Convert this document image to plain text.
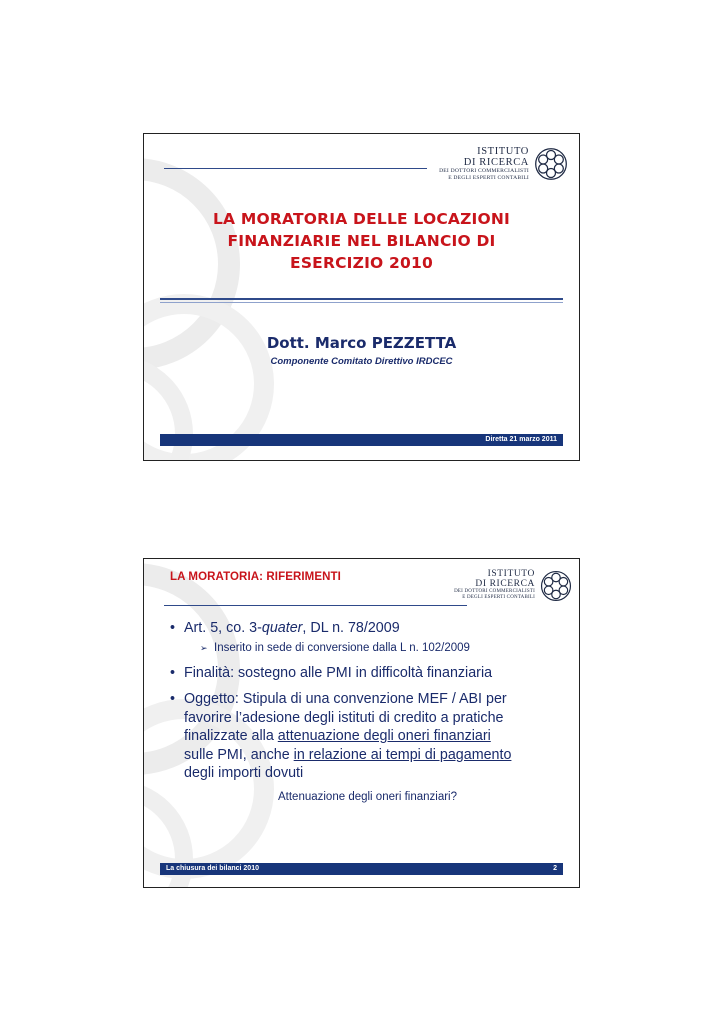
ISTITUTO
DI RICERCA
DEI DOTTORI COMMERCIALISTI
E DEGLI ESPERTI CONTABILI
LA MORATORIA DELLE LOCAZIONI
FINANZIARIE NEL BILANCIO DI
ESERCIZIO 2010
Dott. Marco PEZZETTA
Componente Comitato Direttivo IRDCEC
Diretta 21 marzo 2011
LA MORATORIA: RIFERIMENTI	ISTITUTO
DI RICERCA
DEI DOTTORI COMMERCIALISTI
E DEGLI ESPERTI CONTABILI
• Art. 5, co. 3-quater, DL n. 78/2009
➢ Inserito in sede di conversione dalla L n. 102/2009
• Finalità: sostegno alle PMI in difficoltà finanziaria
• Oggetto: Stipula di una convenzione MEF / ABI per
favorire l’adesione degli istituti di credito a pratiche
finalizzate alla attenuazione degli oneri finanziari
sulle PMI, anche in relazione ai tempi di pagamento
degli importi dovuti
Attenuazione degli oneri finanziari?
La chiusura dei bilanci 2010	2
